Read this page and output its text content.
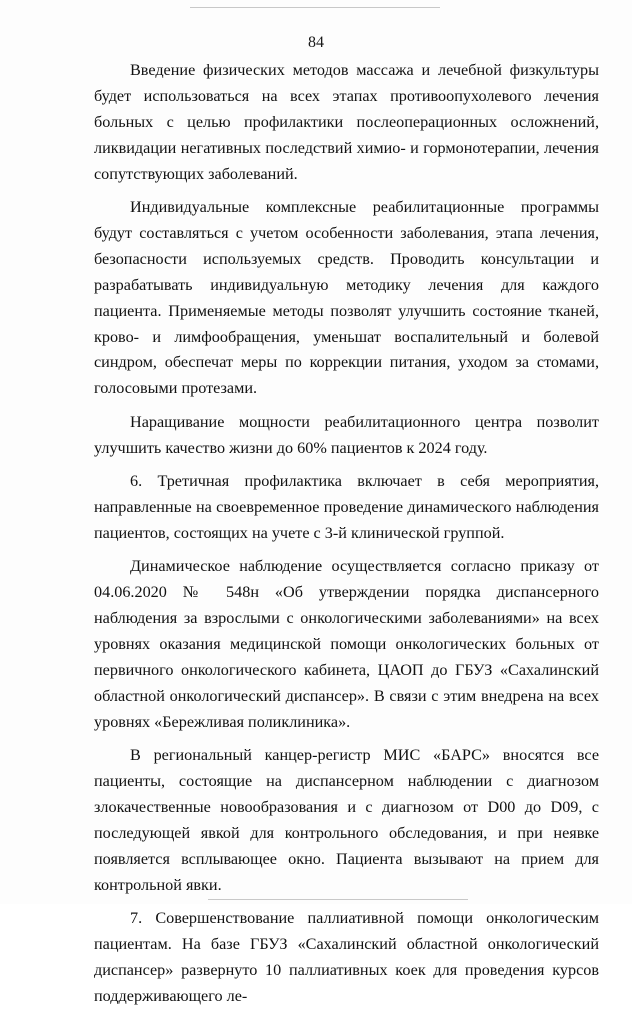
84

Введение физических методов массажа и лечебной физкультуры будет использоваться на всех этапах противоопухолевого лечения больных с целью профилактики послеоперационных осложнений, ликвидации негативных последствий химио- и гормонотерапии, лечения сопутствующих заболеваний.

Индивидуальные комплексные реабилитационные программы будут составляться с учетом особенности заболевания, этапа лечения, безопасности используемых средств. Проводить консультации и разрабатывать индивидуальную методику лечения для каждого пациента. Применяемые методы позволят улучшить состояние тканей, крово- и лимфообращения, уменьшат воспалительный и болевой синдром, обеспечат меры по коррекции питания, уходом за стомами, голосовыми протезами.

Наращивание мощности реабилитационного центра позволит улучшить качество жизни до 60% пациентов к 2024 году.

6. Третичная профилактика включает в себя мероприятия, направленные на своевременное проведение динамического наблюдения пациентов, состоящих на учете с 3-й клинической группой.

Динамическое наблюдение осуществляется согласно приказу от 04.06.2020 № 548н «Об утверждении порядка диспансерного наблюдения за взрослыми с онкологическими заболеваниями» на всех уровнях оказания медицинской помощи онкологических больных от первичного онкологического кабинета, ЦАОП до ГБУЗ «Сахалинский областной онкологический диспансер». В связи с этим внедрена на всех уровнях «Бережливая поликлиника».

В региональный канцер-регистр МИС «БАРС» вносятся все пациенты, состоящие на диспансерном наблюдении с диагнозом злокачественные новообразования и с диагнозом от D00 до D09, с последующей явкой для контрольного обследования, и при неявке появляется всплывающее окно. Пациента вызывают на прием для контрольной явки.

7. Совершенствование паллиативной помощи онкологическим пациентам. На базе ГБУЗ «Сахалинский областной онкологический диспансер» развернуто 10 паллиативных коек для проведения курсов поддерживающего ле-
